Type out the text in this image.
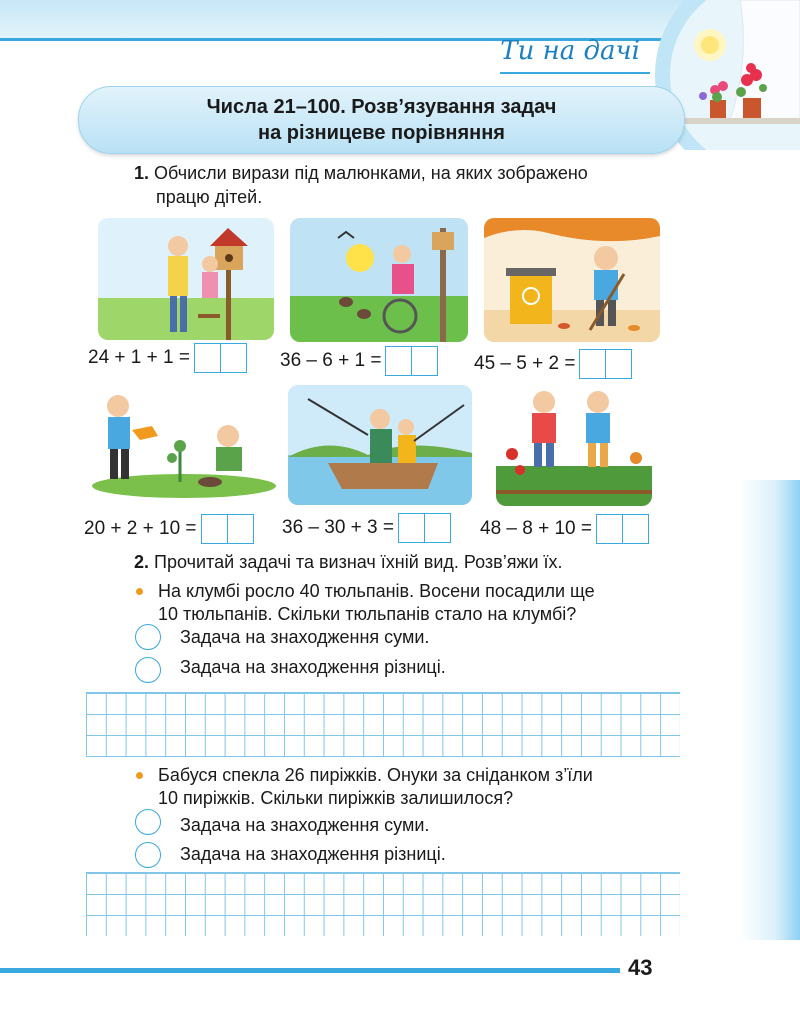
Ти на дачі
Числа 21–100. Розв’язування задач
на різницеве порівняння
1. Обчисли вирази під малюнками, на яких зображено
працю дітей.
24 + 1 + 1 =	36 – 6 + 1 =	45 – 5 + 2 =
20 + 2 + 10 =	36 – 30 + 3 =	48 – 8 + 10 =
2. Прочитай задачі та визнач їхній вид. Розв’яжи їх.
На клумбі росло 40 тюльпанів. Восени посадили ще
10 тюльпанів. Скільки тюльпанів стало на клумбі?
Задача на знаходження суми.
Задача на знаходження різниці.
Бабуся спекла 26 пиріжків. Онуки за сніданком з’їли
10 пиріжків. Скільки пиріжків залишилося?
Задача на знаходження суми.
Задача на знаходження різниці.
43
